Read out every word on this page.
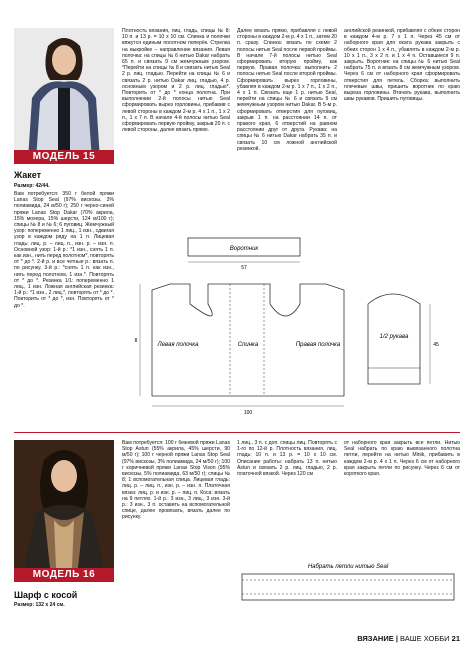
МОДЕЛЬ 15
Жакет
Размер: 42/44.
Вам потребуется: 350 г белой пряжи Lanas Stop Seal (97% вискозы, 3% полиамида, 24 м/50 г); 250 г черно-синей пряжи Lanas Stop Dakar (70% акрила, 15% мохера, 15% шерсти, 124 м/100 г); спицы № 8 и № 6; 6 пуговиц. Жемчужный узор: попеременно 1 лиц., 1 изн., сдвигая узор в каждом ряду на 1 п. Лицевая гладь: лиц. р. – лиц. п., изн. р. – изн. п. Основной узор: 1-й р.: *1 изн., снять 1 п. как изн., нить перед полотном*, повторять от * до *. 2-й р. и все четные р.: вязать п. по рисунку. 3-й р.: *снять 1 п. как изн., нить перед полотном, 1 изн.*. Повторять от * до *. Резинка 1/1: попеременно 1 лиц., 1 изн. Ложная английская резинка: 1-й р.: *1 изн., 2 лиц.*, повторять от * до *. Повторить от * до *, изн. Повторять от * до *.
Плотность вязания, лиц. гладь, спицы № 8: 10 п. и 13 р. = 10 х 10 см. Спинка и полочки вяжутся единым полотном поперёк. Стрелка на выкройке – направление вязания. Левая полочка: на спицы № 6 нитью Dakar набрать 65 п. и связать 9 см жемчужным узором. *Перейти на спицы № 8 и связать нитью Seal 2 р. лиц. гладью. Перейти на спицы № 6 и связать 2 р. нитью Dakar лиц. гладью, 4 р. основным узором и 2 р. лиц. гладью*. Повторить от * до * конца полотна. При выполнении 2-й полосы нитью Seal сформировать вырез горловины, прибавив с левой стороны в каждом 2-м р. 4 х 1 п., 1 х 2 п., 1 х 7 п. В начале 4-й полосы нитью Seal сформировать первую пройму, закрыв 20 п. с левой стороны, далее вязать прямо.
Далее вязать прямо, прибавляя с левой стороны в каждом 2-м р. 4 х 1 п., затем 20 п. сразу. Спинка: вязать по схеме 2 полосы нитью Seal после первой проймы. В начале 7-й полосы нитью Seal сформировать вторую пройму, как первую. Правая полочка: выполнить 2 полосы нитью Seal после второй проймы. Сформировать вырез горловины, убавляя в каждом 2-м р. 1 х 7 п., 1 х 2 п., 4 х 1 п. Связать еще 1 р. нитью Seal, перейти на спицы № 6 и связать 9 см жемчужным узором нитью Dakar. В 5-м р. сформировать отверстия для пуговиц, закрыв 1 п. на расстоянии 14 п. от правого края, 6 отверстий на равном расстоянии друг от друга. Рукава: на спицы № 6 нитью Dakar набрать 35 п. и связать 10 см ложной английской резинкой.
английской резинкой, прибавляя с обеих сторон в каждом 4-м р. 7 х 1 п. Через 45 см от наборного края для оката рукава закрыть с обеих сторон 1 х 4 п., убавлять в каждом 2-м р. 10 х 1 п., 3 х 2 п. и 1 х 4 п. Оставшиеся 9 п. закрыть. Воротник: на спицы № 6 нитью Seal набрать 75 п. и вязать 8 см жемчужным узором. Через 6 см от наборного края сформировать отверстия для петель. Сборка: выполнить плечевые швы, пришить воротник по краю выреза горловины. Втачать рукава, выполнить швы рукавов. Пришить пуговицы.
Воротник
57
Левая полочка	Спинка	Правая полочка
100
8
1/2 рукава
45
МОДЕЛЬ 16
Шарф с косой
Размер: 132 х 24 см.
Вам потребуется: 100 г бежевой пряжи Lanas Stop Astun (55% акрила, 45% шерсти, 90 м/50 г); 100 г черной пряжи Lanas Stop Seal (97% вискозы, 3% полиамида, 24 м/50 г); 100 г коричневой пряжи Lanas Stop Vison (95% вискозы, 5% полиамида, 63 м/50 г); спицы № 8; 1 вспомогательная спица. Лицевая гладь: лиц. р. – лиц. п., изн. р. – изн. п. Платочная вязка: лиц. р. и изн. р. – лиц. п. Коса: вязать на 9 петлях. 1-й р.: 3 изн., 3 лиц., 3 изн. 3-й р.: 3 изн., 3 п. оставить на вспомогательной спице, далее провязать, вязать далее по рисунку.
1 лиц., 3 п. с доп. спицы лиц. Повторять с 1-го по 12-й р. Плотность вязания, лиц. гладь: 10 п. и 13 р. = 10 х 10 см. Описание работы: набрать 13 п. нитью Astun и связать 2 р. лиц. гладью, 2 р. платочной вязкой. Через 120 см
от наборного края закрыть все петли. Нитью Seal набрать по краю вывязанного полотна петли, перейти на нитью Minik, прибавить в каждом 2-м р. 4 х 1 п. Через 6 см от наборного края закрыть петли по рисунку. Через 6 см от короткого края.
Набрать петли нитью Seal
ВЯЗАНИЕ | ВАШЕ ХОББИ 21
